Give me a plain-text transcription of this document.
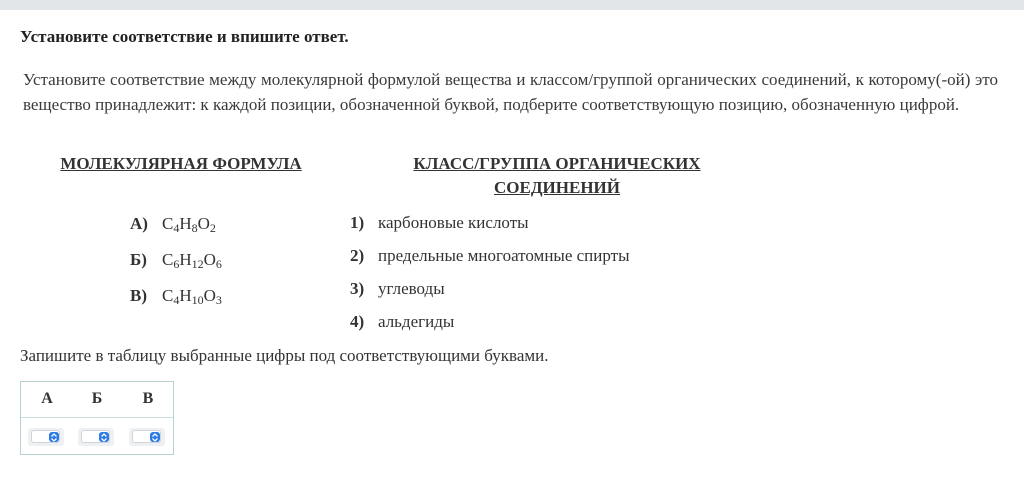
Установите соответствие и впишите ответ.
Установите соответствие между молекулярной формулой вещества и классом/группой органических соединений, к которому(-ой) это вещество принадлежит: к каждой позиции, обозначенной буквой, подберите соответствующую позицию, обозначенную цифрой.
МОЛЕКУЛЯРНАЯ ФОРМУЛА	КЛАСС/ГРУППА ОРГАНИЧЕСКИХ
СОЕДИНЕНИЙ
А) $C_4H_8O_2$
Б) $C_6H_{12}O_6$
В) $C_4H_{10}O_3$
1) карбоновые кислоты
2) предельные многоатомные спирты
3) углеводы
4) альдегиды
Запишите в таблицу выбранные цифры под соответствующими буквами.
А	Б	В
